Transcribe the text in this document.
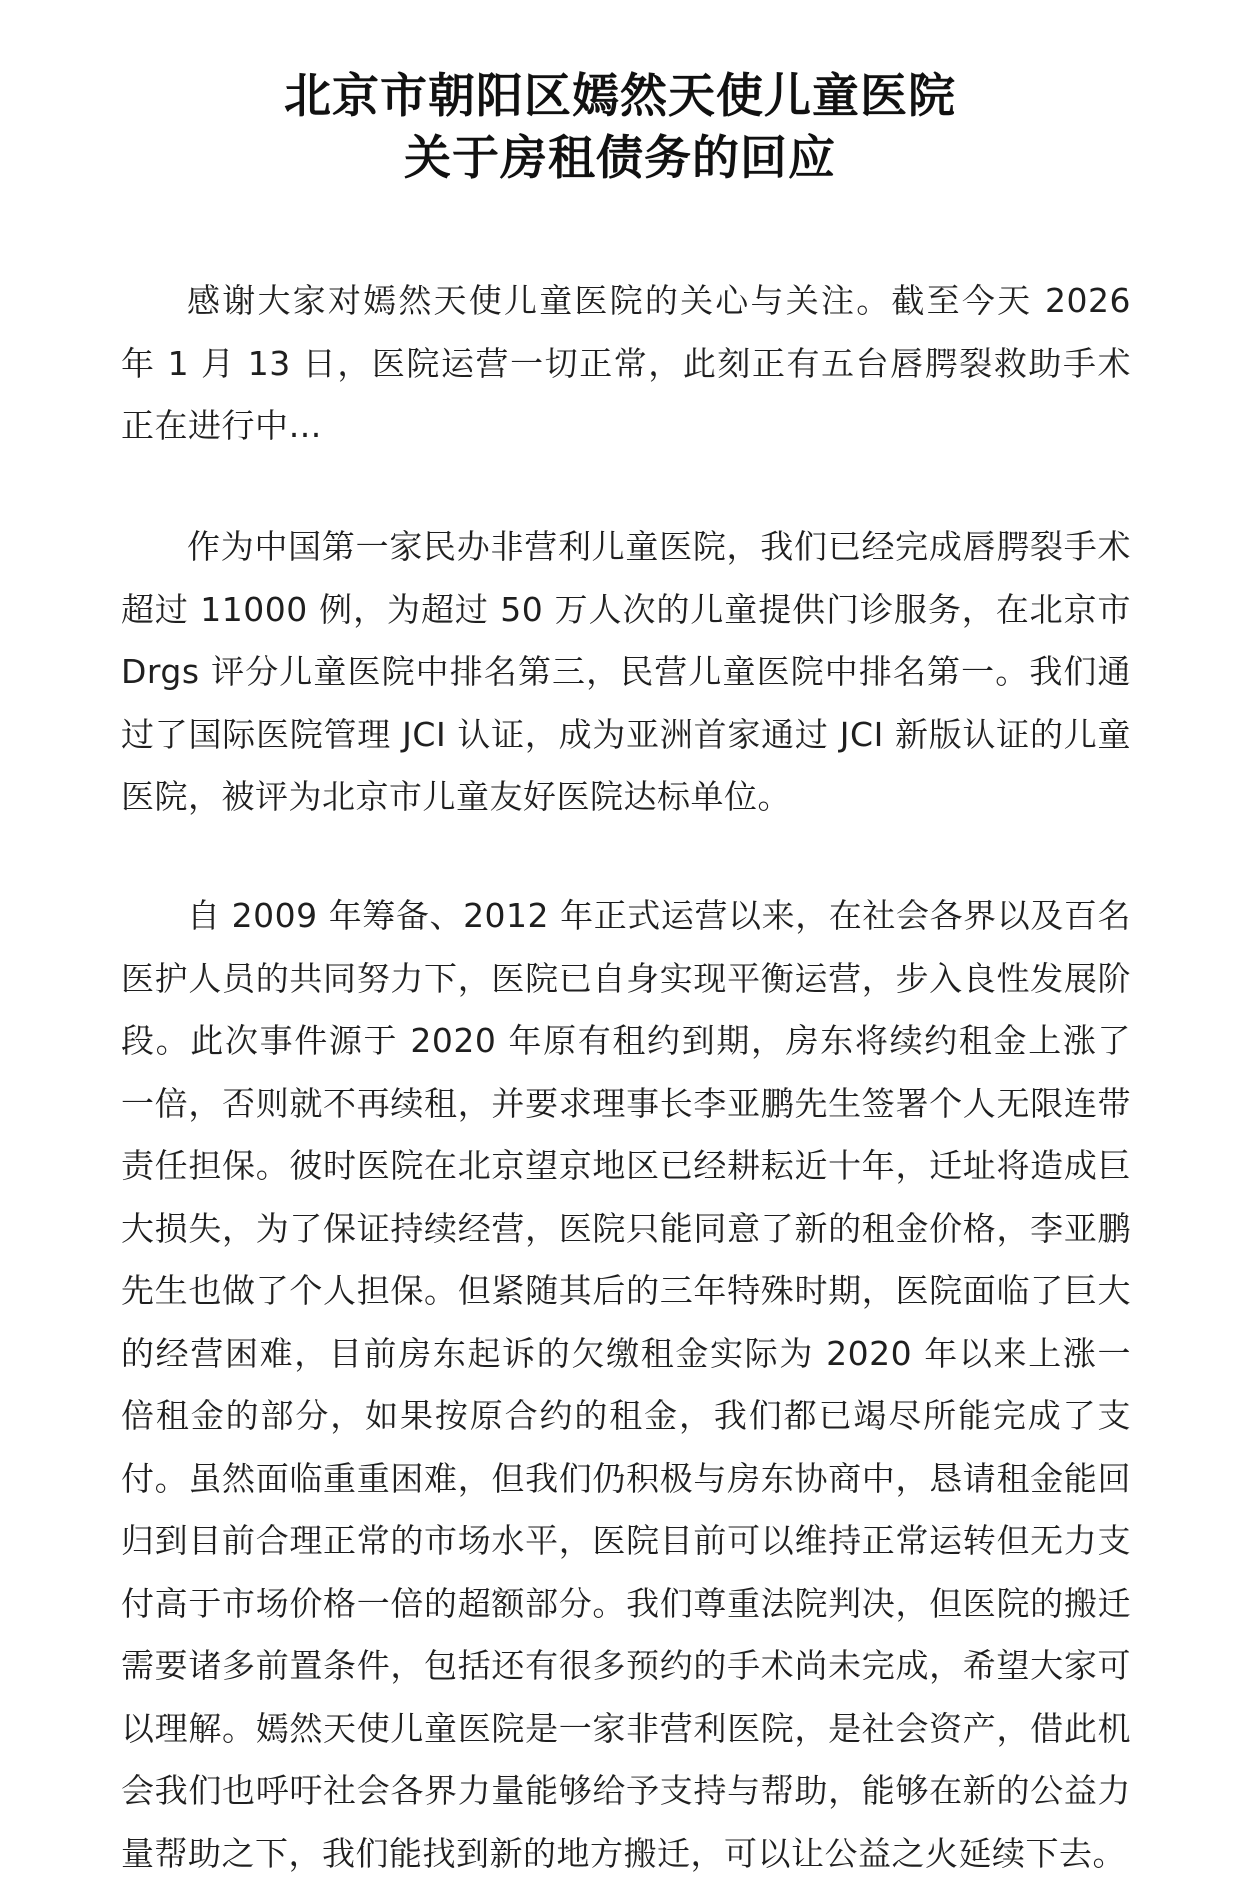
北京市朝阳区嫣然天使儿童医院
关于房租债务的回应

感谢大家对嫣然天使儿童医院的关心与关注。截至今天 2026 年 1 月 13 日，医院运营一切正常，此刻正有五台唇腭裂救助手术正在进行中…

作为中国第一家民办非营利儿童医院，我们已经完成唇腭裂手术超过 11000 例，为超过 50 万人次的儿童提供门诊服务，在北京市 Drgs 评分儿童医院中排名第三，民营儿童医院中排名第一。我们通过了国际医院管理 JCI 认证，成为亚洲首家通过 JCI 新版认证的儿童医院，被评为北京市儿童友好医院达标单位。

自 2009 年筹备、2012 年正式运营以来，在社会各界以及百名医护人员的共同努力下，医院已自身实现平衡运营，步入良性发展阶段。此次事件源于 2020 年原有租约到期，房东将续约租金上涨了一倍，否则就不再续租，并要求理事长李亚鹏先生签署个人无限连带责任担保。彼时医院在北京望京地区已经耕耘近十年，迁址将造成巨大损失，为了保证持续经营，医院只能同意了新的租金价格，李亚鹏先生也做了个人担保。但紧随其后的三年特殊时期，医院面临了巨大的经营困难，目前房东起诉的欠缴租金实际为 2020 年以来上涨一倍租金的部分，如果按原合约的租金，我们都已竭尽所能完成了支付。虽然面临重重困难，但我们仍积极与房东协商中，恳请租金能回归到目前合理正常的市场水平，医院目前可以维持正常运转但无力支付高于市场价格一倍的超额部分。我们尊重法院判决，但医院的搬迁需要诸多前置条件，包括还有很多预约的手术尚未完成，希望大家可以理解。嫣然天使儿童医院是一家非营利医院，是社会资产，借此机会我们也呼吁社会各界力量能够给予支持与帮助，能够在新的公益力量帮助之下，我们能找到新的地方搬迁，可以让公益之火延续下去。
